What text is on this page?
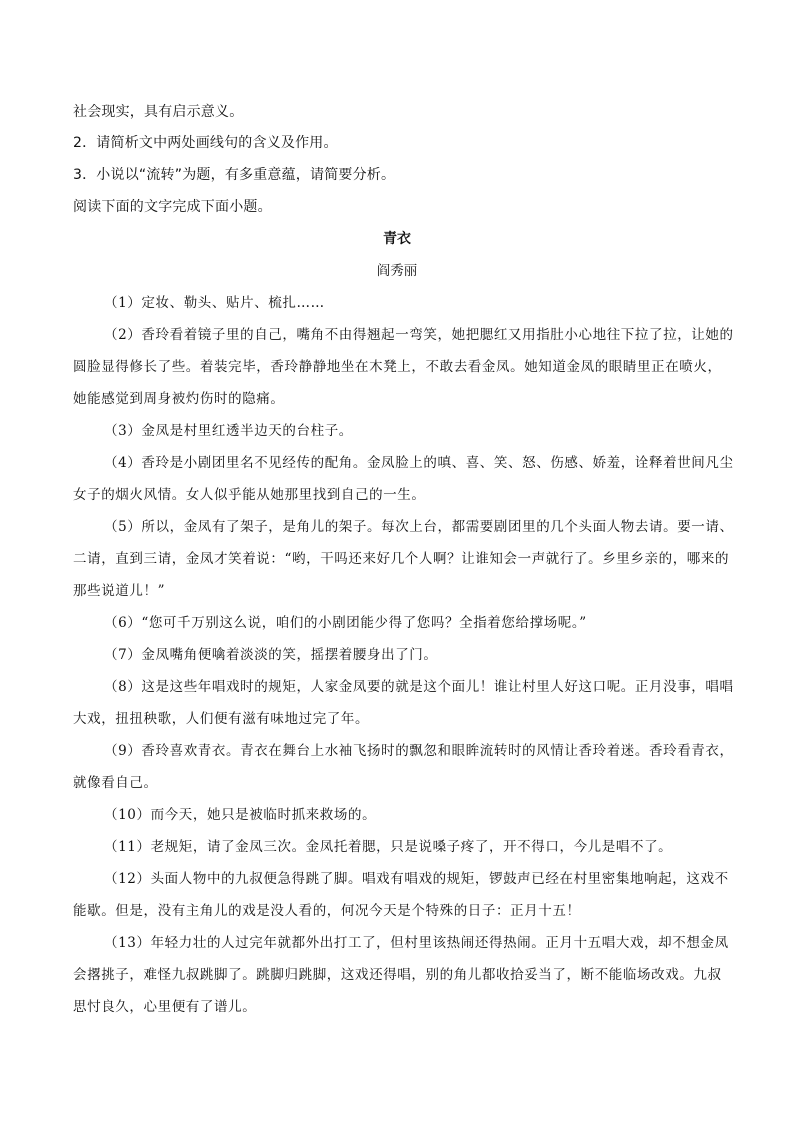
社会现实，具有启示意义。
2．请简析文中两处画线句的含义及作用。
3．小说以“流转”为题，有多重意蕴，请简要分析。
阅读下面的文字完成下面小题。
青衣
阎秀丽
（1）定妆、勒头、贴片、梳扎……
（2）香玲看着镜子里的自己，嘴角不由得翘起一弯笑，她把腮红又用指肚小心地往下拉了拉，让她的
圆脸显得修长了些。着装完毕，香玲静静地坐在木凳上，不敢去看金凤。她知道金凤的眼睛里正在喷火，
她能感觉到周身被灼伤时的隐痛。
（3）金凤是村里红透半边天的台柱子。
（4）香玲是小剧团里名不见经传的配角。金凤脸上的嗔、喜、笑、怒、伤感、娇羞，诠释着世间凡尘
女子的烟火风情。女人似乎能从她那里找到自己的一生。
（5）所以，金凤有了架子，是角儿的架子。每次上台，都需要剧团里的几个头面人物去请。要一请、
二请，直到三请，金凤才笑着说：“哟，干吗还来好几个人啊？让谁知会一声就行了。乡里乡亲的，哪来的
那些说道儿！”
（6）“您可千万别这么说，咱们的小剧团能少得了您吗？全指着您给撑场呢。”
（7）金凤嘴角便噙着淡淡的笑，摇摆着腰身出了门。
（8）这是这些年唱戏时的规矩，人家金凤要的就是这个面儿！谁让村里人好这口呢。正月没事，唱唱
大戏，扭扭秧歌，人们便有滋有味地过完了年。
（9）香玲喜欢青衣。青衣在舞台上水袖飞扬时的飘忽和眼眸流转时的风情让香玲着迷。香玲看青衣，
就像看自己。
（10）而今天，她只是被临时抓来救场的。
（11）老规矩，请了金凤三次。金凤托着腮，只是说嗓子疼了，开不得口，今儿是唱不了。
（12）头面人物中的九叔便急得跳了脚。唱戏有唱戏的规矩，锣鼓声已经在村里密集地响起，这戏不
能歇。但是，没有主角儿的戏是没人看的，何况今天是个特殊的日子：正月十五！
（13）年轻力壮的人过完年就都外出打工了，但村里该热闹还得热闹。正月十五唱大戏，却不想金凤
会撂挑子，难怪九叔跳脚了。跳脚归跳脚，这戏还得唱，别的角儿都收拾妥当了，断不能临场改戏。九叔
思忖良久，心里便有了谱儿。
